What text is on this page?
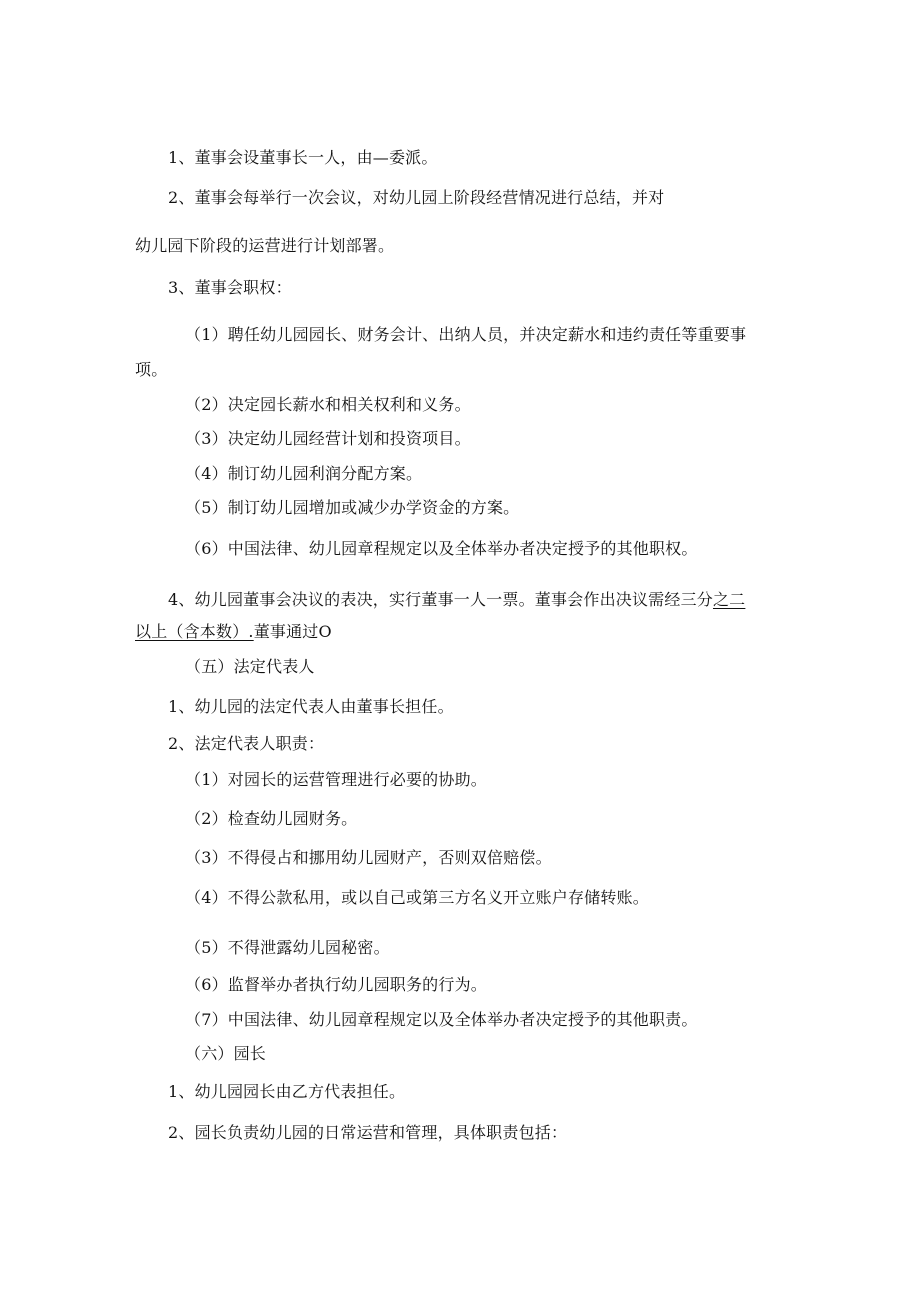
1、董事会设董事长一人，由—委派。
2、董事会每举行一次会议，对幼儿园上阶段经营情况进行总结，并对
幼儿园下阶段的运营进行计划部署。
3、董事会职权：
（1）聘任幼儿园园长、财务会计、出纳人员，并决定薪水和违约责任等重要事
项。
（2）决定园长薪水和相关权利和义务。
（3）决定幼儿园经营计划和投资项目。
（4）制订幼儿园利润分配方案。
（5）制订幼儿园增加或减少办学资金的方案。
（6）中国法律、幼儿园章程规定以及全体举办者决定授予的其他职权。
4、幼儿园董事会决议的表决，实行董事一人一票。董事会作出决议需经三分之二
以上（含本数）.董事通过O
（五）法定代表人
1、幼儿园的法定代表人由董事长担任。
2、法定代表人职责：
（1）对园长的运营管理进行必要的协助。
（2）检查幼儿园财务。
（3）不得侵占和挪用幼儿园财产，否则双倍赔偿。
（4）不得公款私用，或以自己或第三方名义开立账户存储转账。
（5）不得泄露幼儿园秘密。
（6）监督举办者执行幼儿园职务的行为。
（7）中国法律、幼儿园章程规定以及全体举办者决定授予的其他职责。
（六）园长
1、幼儿园园长由乙方代表担任。
2、园长负责幼儿园的日常运营和管理，具体职责包括：
